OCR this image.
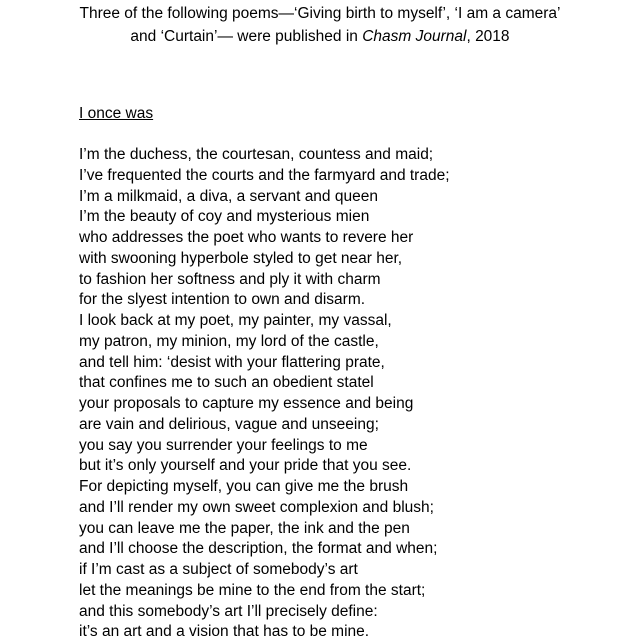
Three of the following poems—‘Giving birth to myself’, ‘I am a camera’
and ‘Curtain’— were published in Chasm Journal, 2018
I once was
I’m the duchess, the courtesan, countess and maid;
I’ve frequented the courts and the farmyard and trade;
I’m a milkmaid, a diva, a servant and queen
I’m the beauty of coy and mysterious mien
who addresses the poet who wants to revere her
with swooning hyperbole styled to get near her,
to fashion her softness and ply it with charm
for the slyest intention to own and disarm.
I look back at my poet, my painter, my vassal,
my patron, my minion, my lord of the castle,
and tell him: ‘desist with your flattering prate,
that confines me to such an obedient statel
your proposals to capture my essence and being
are vain and delirious, vague and unseeing;
you say you surrender your feelings to me
but it’s only yourself and your pride that you see.
For depicting myself, you can give me the brush
and I’ll render my own sweet complexion and blush;
you can leave me the paper, the ink and the pen
and I’ll choose the description, the format and when;
if I’m cast as a subject of somebody’s art
let the meanings be mine to the end from the start;
and this somebody’s art I’ll precisely define:
it’s an art and a vision that has to be mine.
